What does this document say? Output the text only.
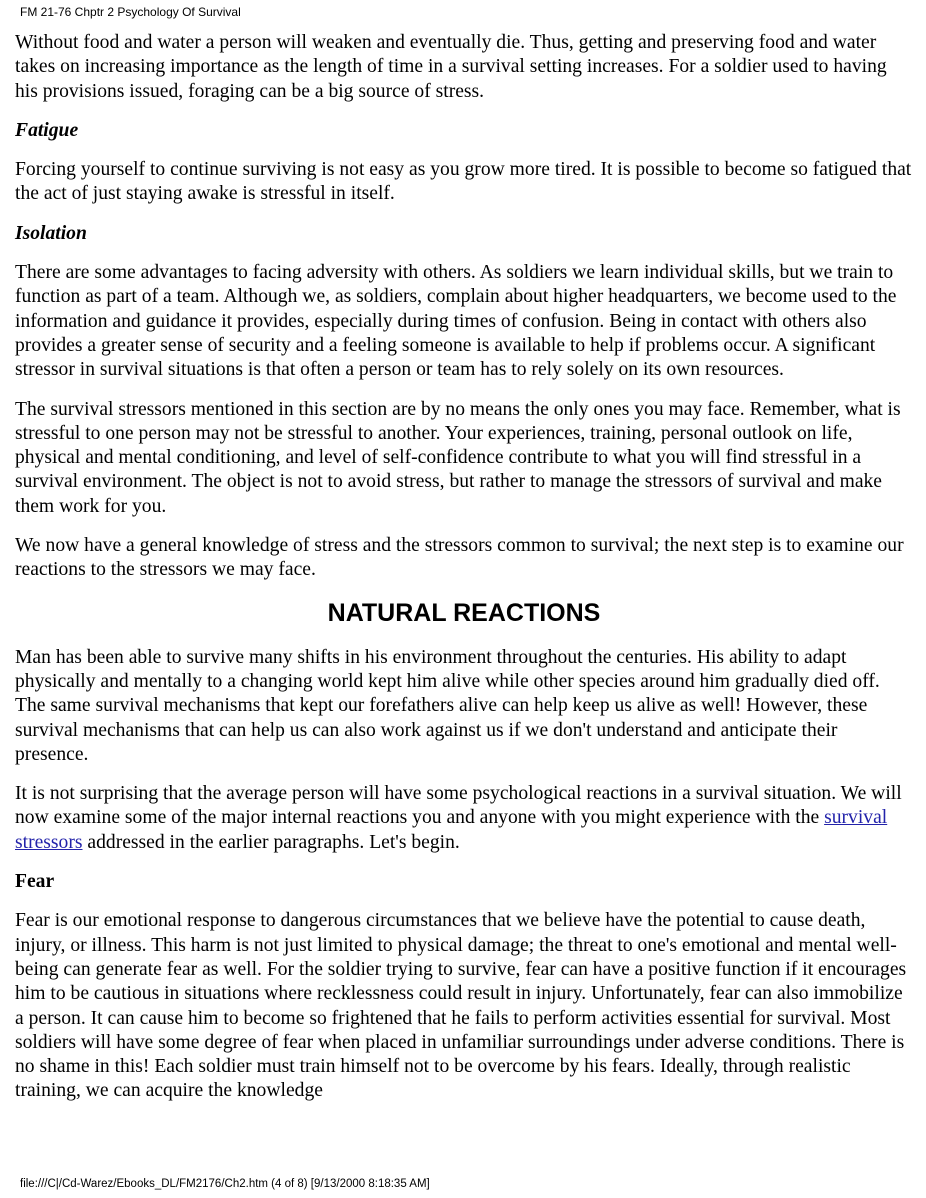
FM 21-76 Chptr 2 Psychology Of Survival

Without food and water a person will weaken and eventually die. Thus, getting and preserving food and water takes on increasing importance as the length of time in a survival setting increases. For a soldier used to having his provisions issued, foraging can be a big source of stress.

Fatigue

Forcing yourself to continue surviving is not easy as you grow more tired. It is possible to become so fatigued that the act of just staying awake is stressful in itself.

Isolation

There are some advantages to facing adversity with others. As soldiers we learn individual skills, but we train to function as part of a team. Although we, as soldiers, complain about higher headquarters, we become used to the information and guidance it provides, especially during times of confusion. Being in contact with others also provides a greater sense of security and a feeling someone is available to help if problems occur. A significant stressor in survival situations is that often a person or team has to rely solely on its own resources.

The survival stressors mentioned in this section are by no means the only ones you may face. Remember, what is stressful to one person may not be stressful to another. Your experiences, training, personal outlook on life, physical and mental conditioning, and level of self-confidence contribute to what you will find stressful in a survival environment. The object is not to avoid stress, but rather to manage the stressors of survival and make them work for you.

We now have a general knowledge of stress and the stressors common to survival; the next step is to examine our reactions to the stressors we may face.

NATURAL REACTIONS

Man has been able to survive many shifts in his environment throughout the centuries. His ability to adapt physically and mentally to a changing world kept him alive while other species around him gradually died off. The same survival mechanisms that kept our forefathers alive can help keep us alive as well! However, these survival mechanisms that can help us can also work against us if we don't understand and anticipate their presence.

It is not surprising that the average person will have some psychological reactions in a survival situation. We will now examine some of the major internal reactions you and anyone with you might experience with the survival stressors addressed in the earlier paragraphs. Let's begin.

Fear

Fear is our emotional response to dangerous circumstances that we believe have the potential to cause death, injury, or illness. This harm is not just limited to physical damage; the threat to one's emotional and mental well-being can generate fear as well. For the soldier trying to survive, fear can have a positive function if it encourages him to be cautious in situations where recklessness could result in injury. Unfortunately, fear can also immobilize a person. It can cause him to become so frightened that he fails to perform activities essential for survival. Most soldiers will have some degree of fear when placed in unfamiliar surroundings under adverse conditions. There is no shame in this! Each soldier must train himself not to be overcome by his fears. Ideally, through realistic training, we can acquire the knowledge

file:///C|/Cd-Warez/Ebooks_DL/FM2176/Ch2.htm (4 of 8) [9/13/2000 8:18:35 AM]
